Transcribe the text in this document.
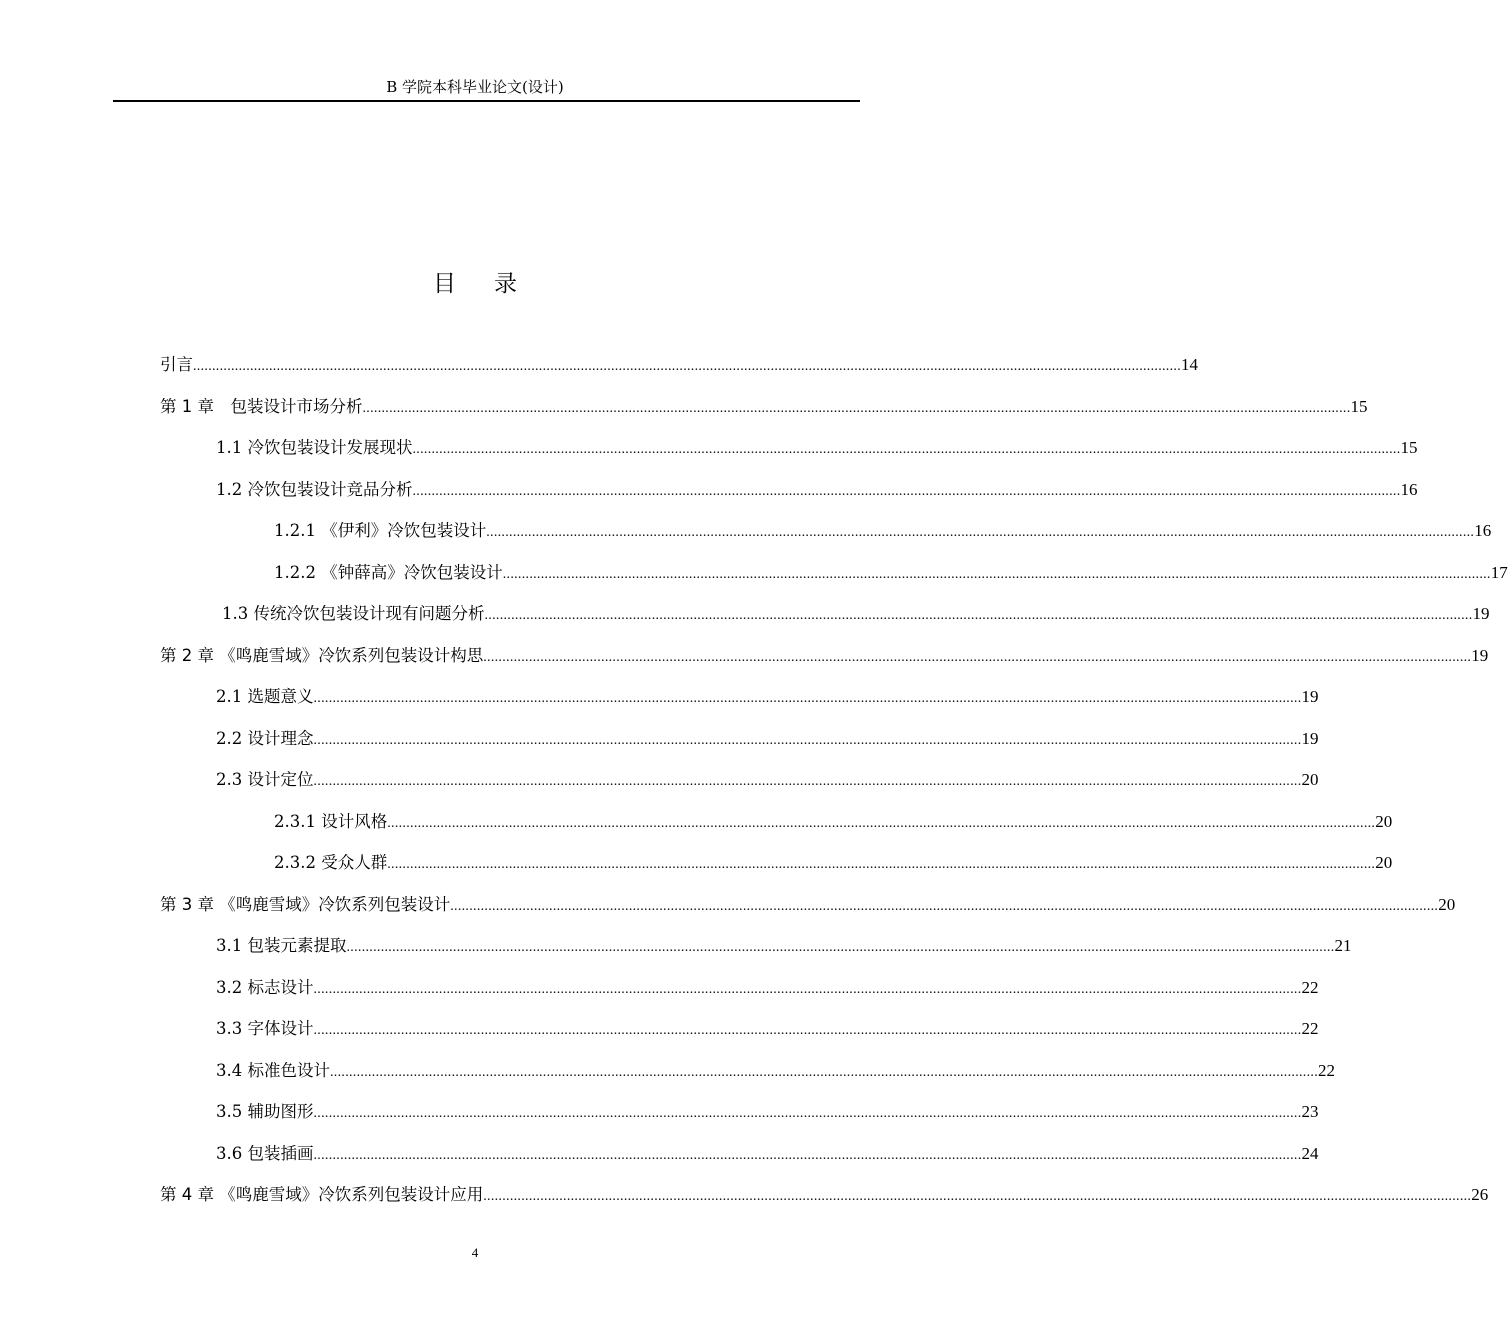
B 学院本科毕业论文(设计)
目录
引言 .................................................................................................................................................................................................................................................................... 14
第 1 章　包装设计市场分析 .................................................................................................................................................................................................................................................................... 15
1.1 冷饮包装设计发展现状 .................................................................................................................................................................................................................................................................... 15
1.2 冷饮包装设计竞品分析 .................................................................................................................................................................................................................................................................... 16
1.2.1 《伊利》冷饮包装设计 .................................................................................................................................................................................................................................................................... 16
1.2.2 《钟薛高》冷饮包装设计 .................................................................................................................................................................................................................................................................... 17
1.3 传统冷饮包装设计现有问题分析 .................................................................................................................................................................................................................................................................... 19
第 2 章 《鸣鹿雪域》冷饮系列包装设计构思 .................................................................................................................................................................................................................................................................... 19
2.1 选题意义 .................................................................................................................................................................................................................................................................... 19
2.2 设计理念 .................................................................................................................................................................................................................................................................... 19
2.3 设计定位 .................................................................................................................................................................................................................................................................... 20
2.3.1 设计风格 .................................................................................................................................................................................................................................................................... 20
2.3.2 受众人群 .................................................................................................................................................................................................................................................................... 20
第 3 章 《鸣鹿雪域》冷饮系列包装设计 .................................................................................................................................................................................................................................................................... 20
3.1 包装元素提取 .................................................................................................................................................................................................................................................................... 21
3.2 标志设计 .................................................................................................................................................................................................................................................................... 22
3.3 字体设计 .................................................................................................................................................................................................................................................................... 22
3.4 标准色设计 .................................................................................................................................................................................................................................................................... 22
3.5 辅助图形 .................................................................................................................................................................................................................................................................... 23
3.6 包装插画 .................................................................................................................................................................................................................................................................... 24
第 4 章 《鸣鹿雪域》冷饮系列包装设计应用 .................................................................................................................................................................................................................................................................... 26
4
